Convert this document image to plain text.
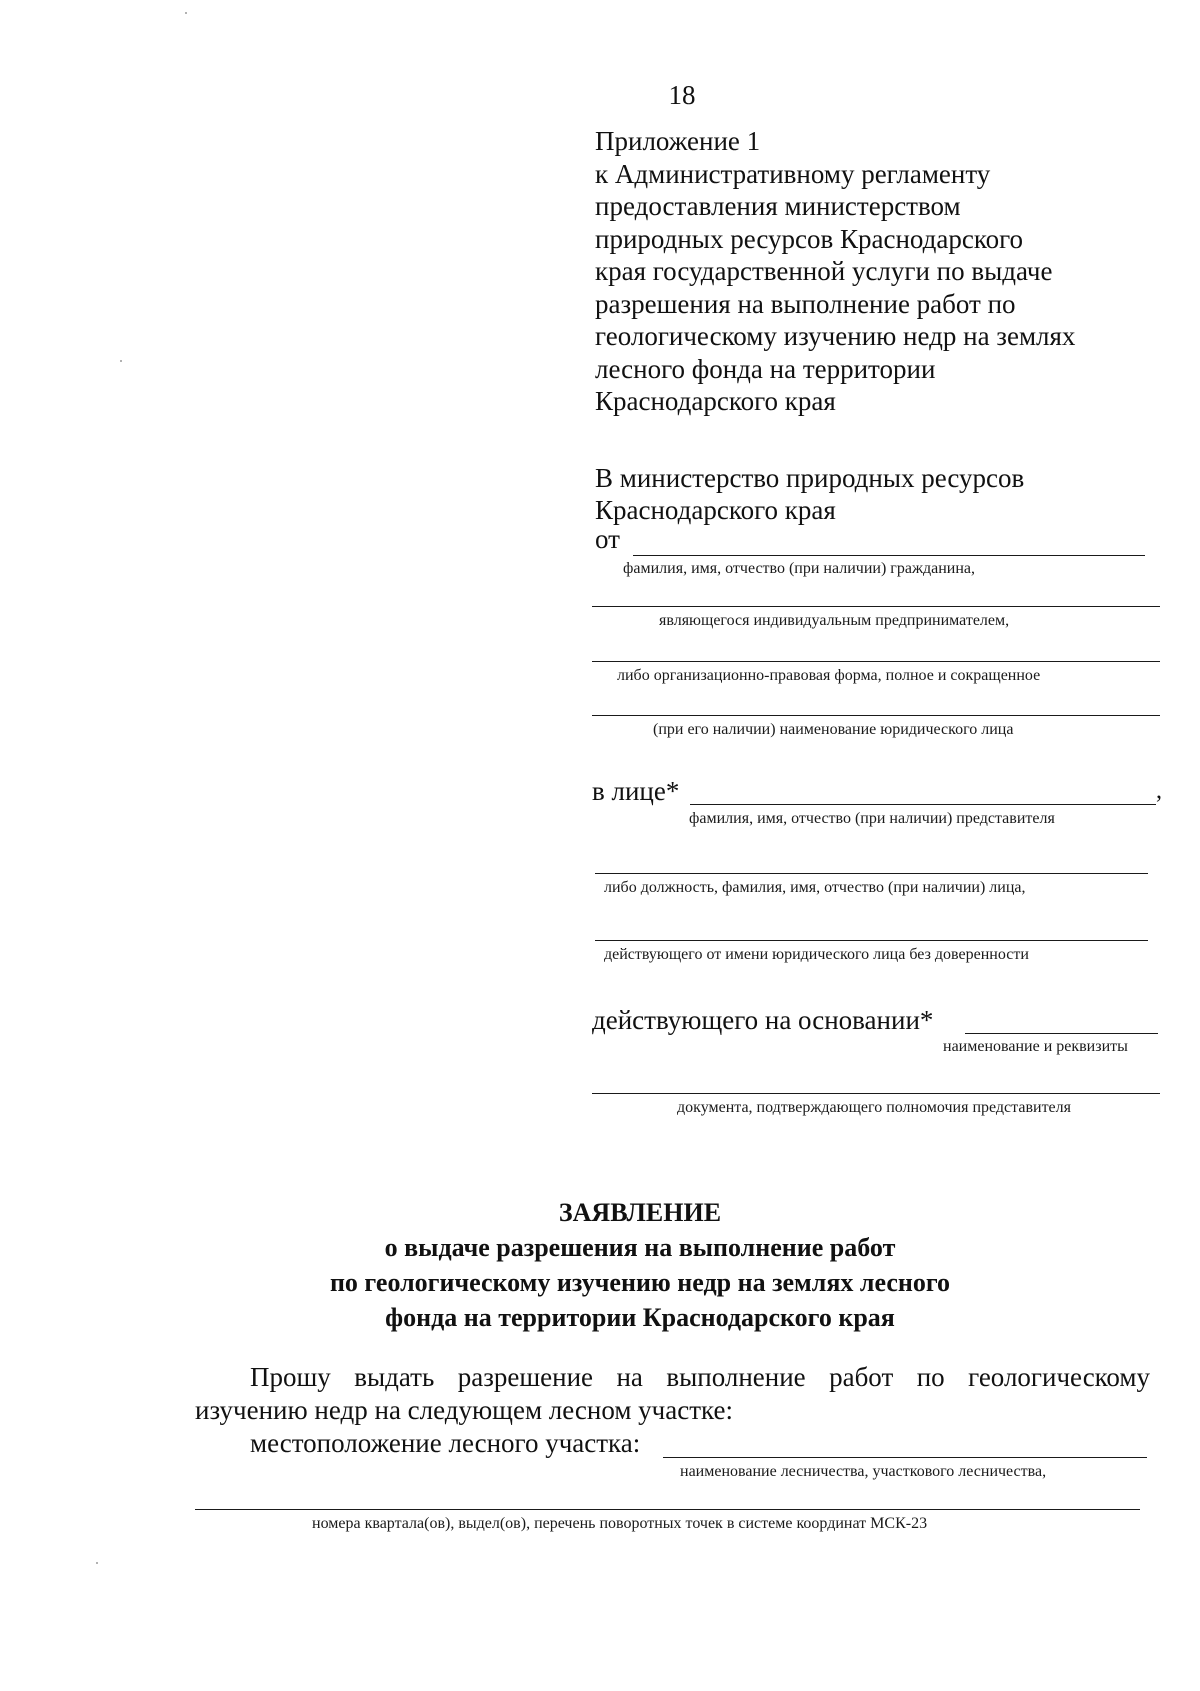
18
Приложение 1
к Административному регламенту
предоставления министерством
природных ресурсов Краснодарского
края государственной услуги по выдаче
разрешения на выполнение работ по
геологическому изучению недр на землях
лесного фонда на территории
Краснодарского края
В министерство природных ресурсов
Краснодарского края
от
фамилия, имя, отчество (при наличии) гражданина,
являющегося индивидуальным предпринимателем,
либо организационно-правовая форма, полное и сокращенное
(при его наличии) наименование юридического лица
в лице*	,
фамилия, имя, отчество (при наличии) представителя
либо должность, фамилия, имя, отчество (при наличии) лица,
действующего от имени юридического лица без доверенности
действующего на основании*
наименование и реквизиты
документа, подтверждающего полномочия представителя
ЗАЯВЛЕНИЕ
о выдаче разрешения на выполнение работ
по геологическому изучению недр на землях лесного
фонда на территории Краснодарского края
Прошу выдать разрешение на выполнение работ по геологическому
изучению недр на следующем лесном участке:
местоположение лесного участка:
наименование лесничества, участкового лесничества,
номера квартала(ов), выдел(ов), перечень поворотных точек в системе координат МСК-23
